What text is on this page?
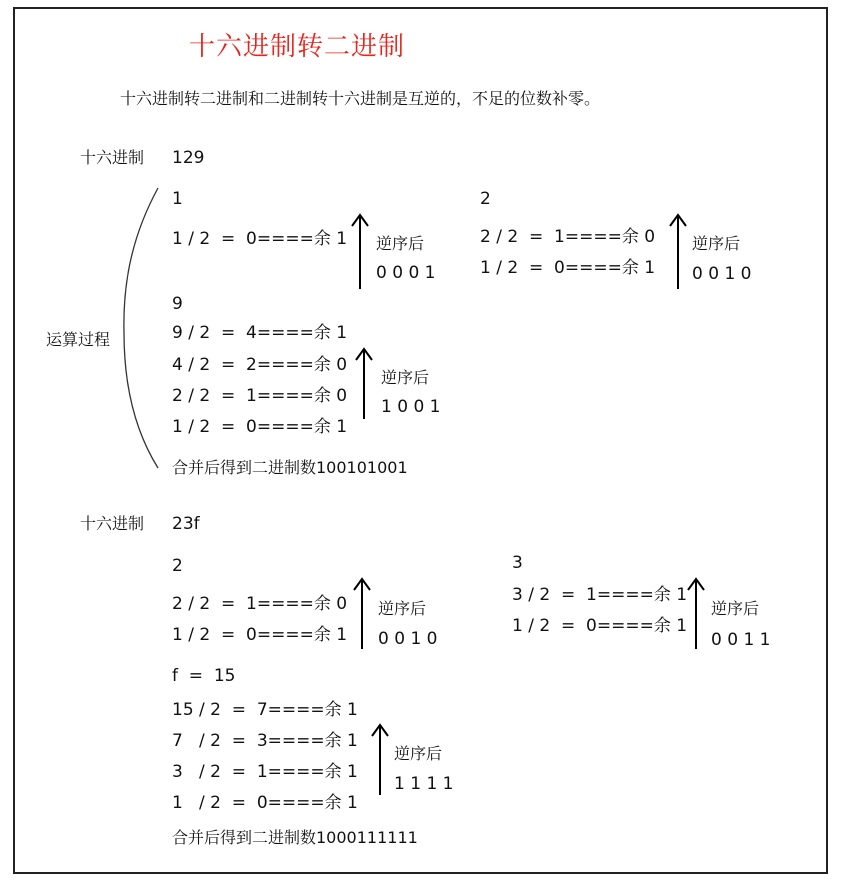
十六进制转二进制
十六进制转二进制和二进制转十六进制是互逆的，不足的位数补零。
十六进制 129
运算过程
1
1 / 2  =  0====余 1 逆序后
0 0 0 1
2
2 / 2  =  1====余 0
1 / 2  =  0====余 1
逆序后
0 0 1 0
9
9 / 2  =  4====余 1
4 / 2  =  2====余 0
2 / 2  =  1====余 0
1 / 2  =  0====余 1
逆序后
1 0 0 1
合并后得到二进制数100101001
十六进制 23f
2
2 / 2  =  1====余 0
1 / 2  =  0====余 1
逆序后
0 0 1 0
3
3 / 2  =  1====余 1
1 / 2  =  0====余 1
逆序后
0 0 1 1
f  =  15
15 / 2  =  7====余 1
7   / 2  =  3====余 1
3   / 2  =  1====余 1
1   / 2  =  0====余 1
逆序后
1 1 1 1
合并后得到二进制数1000111111
